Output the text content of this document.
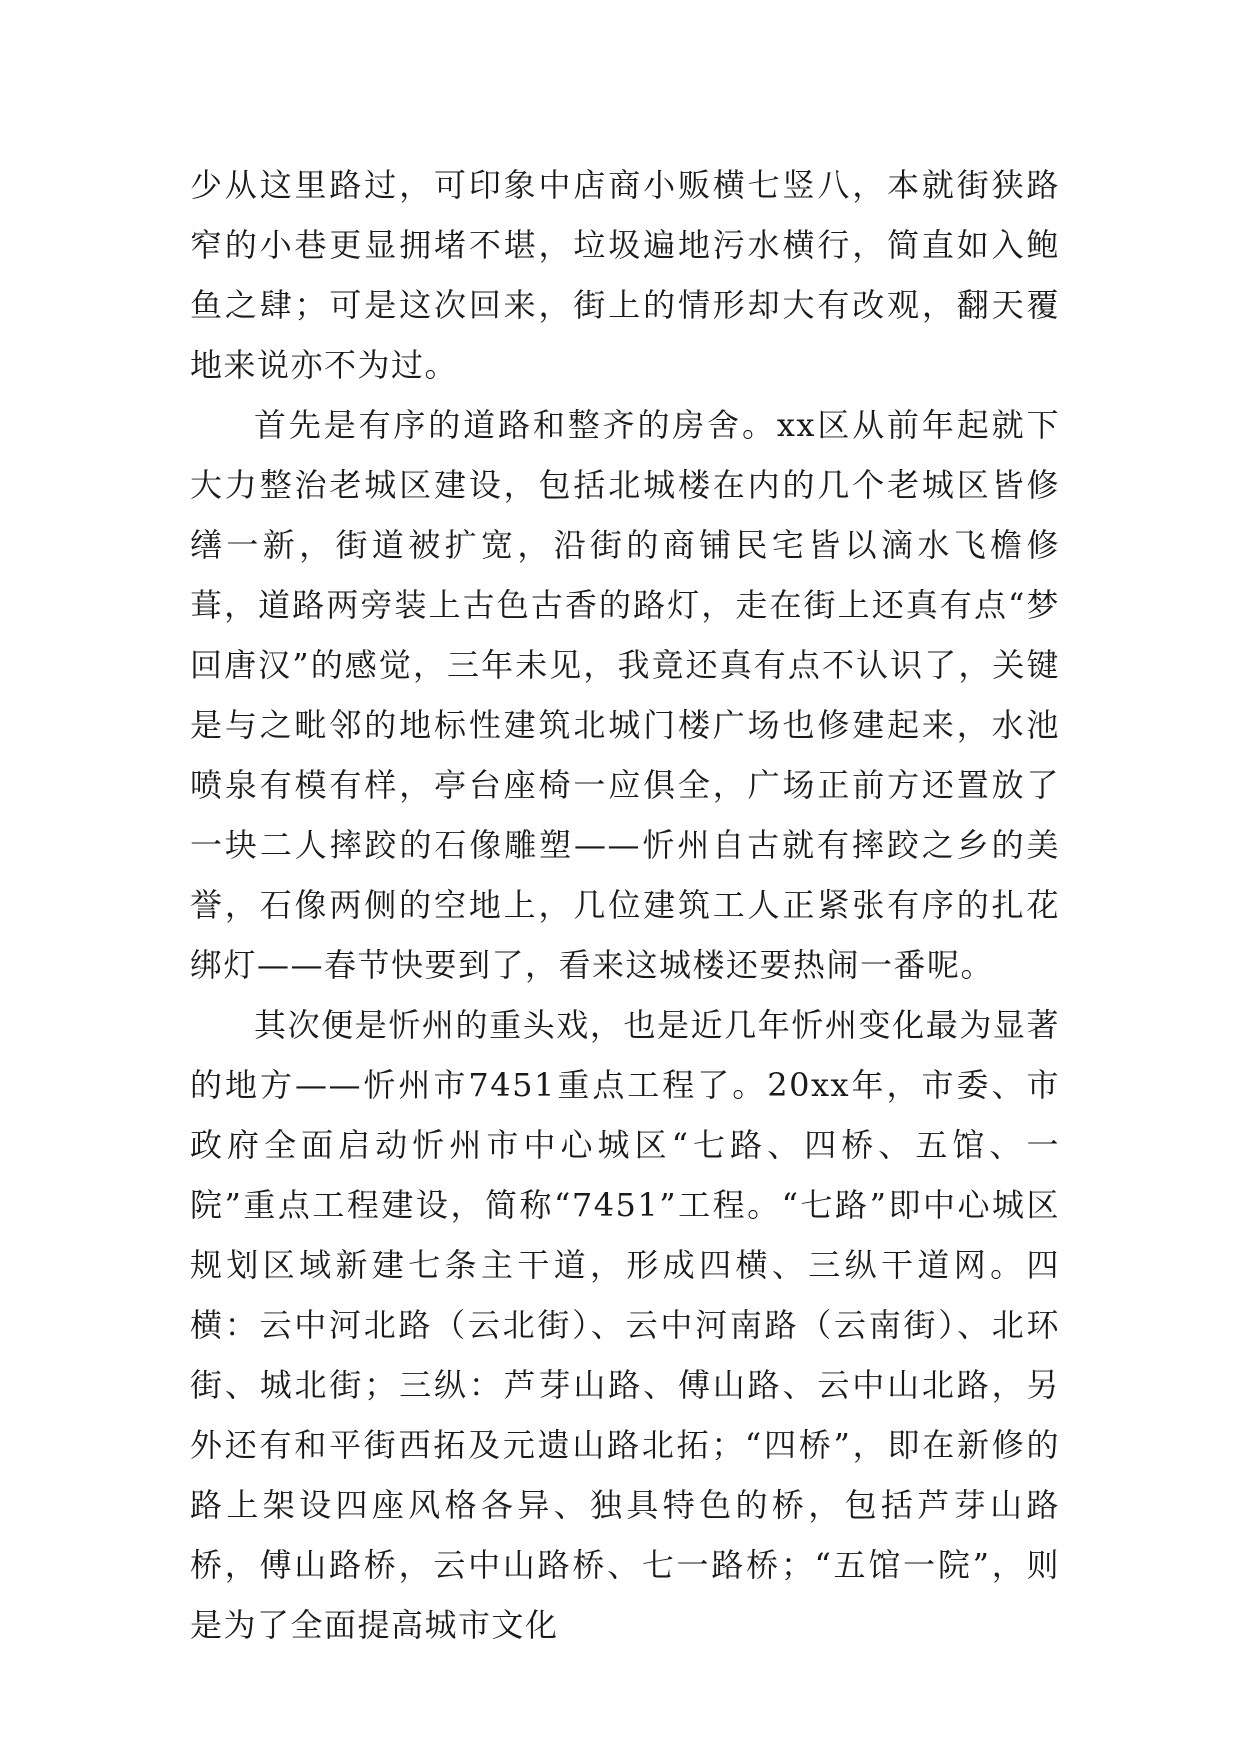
少从这里路过，可印象中店商小贩横七竖八，本就街狭路窄的小巷更显拥堵不堪，垃圾遍地污水横行，简直如入鲍鱼之肆；可是这次回来，街上的情形却大有改观，翻天覆地来说亦不为过。

首先是有序的道路和整齐的房舍。xx区从前年起就下大力整治老城区建设，包括北城楼在内的几个老城区皆修缮一新，街道被扩宽，沿街的商铺民宅皆以滴水飞檐修葺，道路两旁装上古色古香的路灯，走在街上还真有点“梦回唐汉”的感觉，三年未见，我竟还真有点不认识了，关键是与之毗邻的地标性建筑北城门楼广场也修建起来，水池喷泉有模有样，亭台座椅一应俱全，广场正前方还置放了一块二人摔跤的石像雕塑——忻州自古就有摔跤之乡的美誉，石像两侧的空地上，几位建筑工人正紧张有序的扎花绑灯——春节快要到了，看来这城楼还要热闹一番呢。

其次便是忻州的重头戏，也是近几年忻州变化最为显著的地方——忻州市7451重点工程了。20xx年，市委、市政府全面启动忻州市中心城区“七路、四桥、五馆、一院”重点工程建设，简称“7451”工程。“七路”即中心城区规划区域新建七条主干道，形成四横、三纵干道网。四横：云中河北路（云北街）、云中河南路（云南街）、北环街、城北街；三纵：芦芽山路、傅山路、云中山北路，另外还有和平街西拓及元遗山路北拓；“四桥”，即在新修的路上架设四座风格各异、独具特色的桥，包括芦芽山路桥，傅山路桥，云中山路桥、七一路桥；“五馆一院”，则是为了全面提高城市文化
